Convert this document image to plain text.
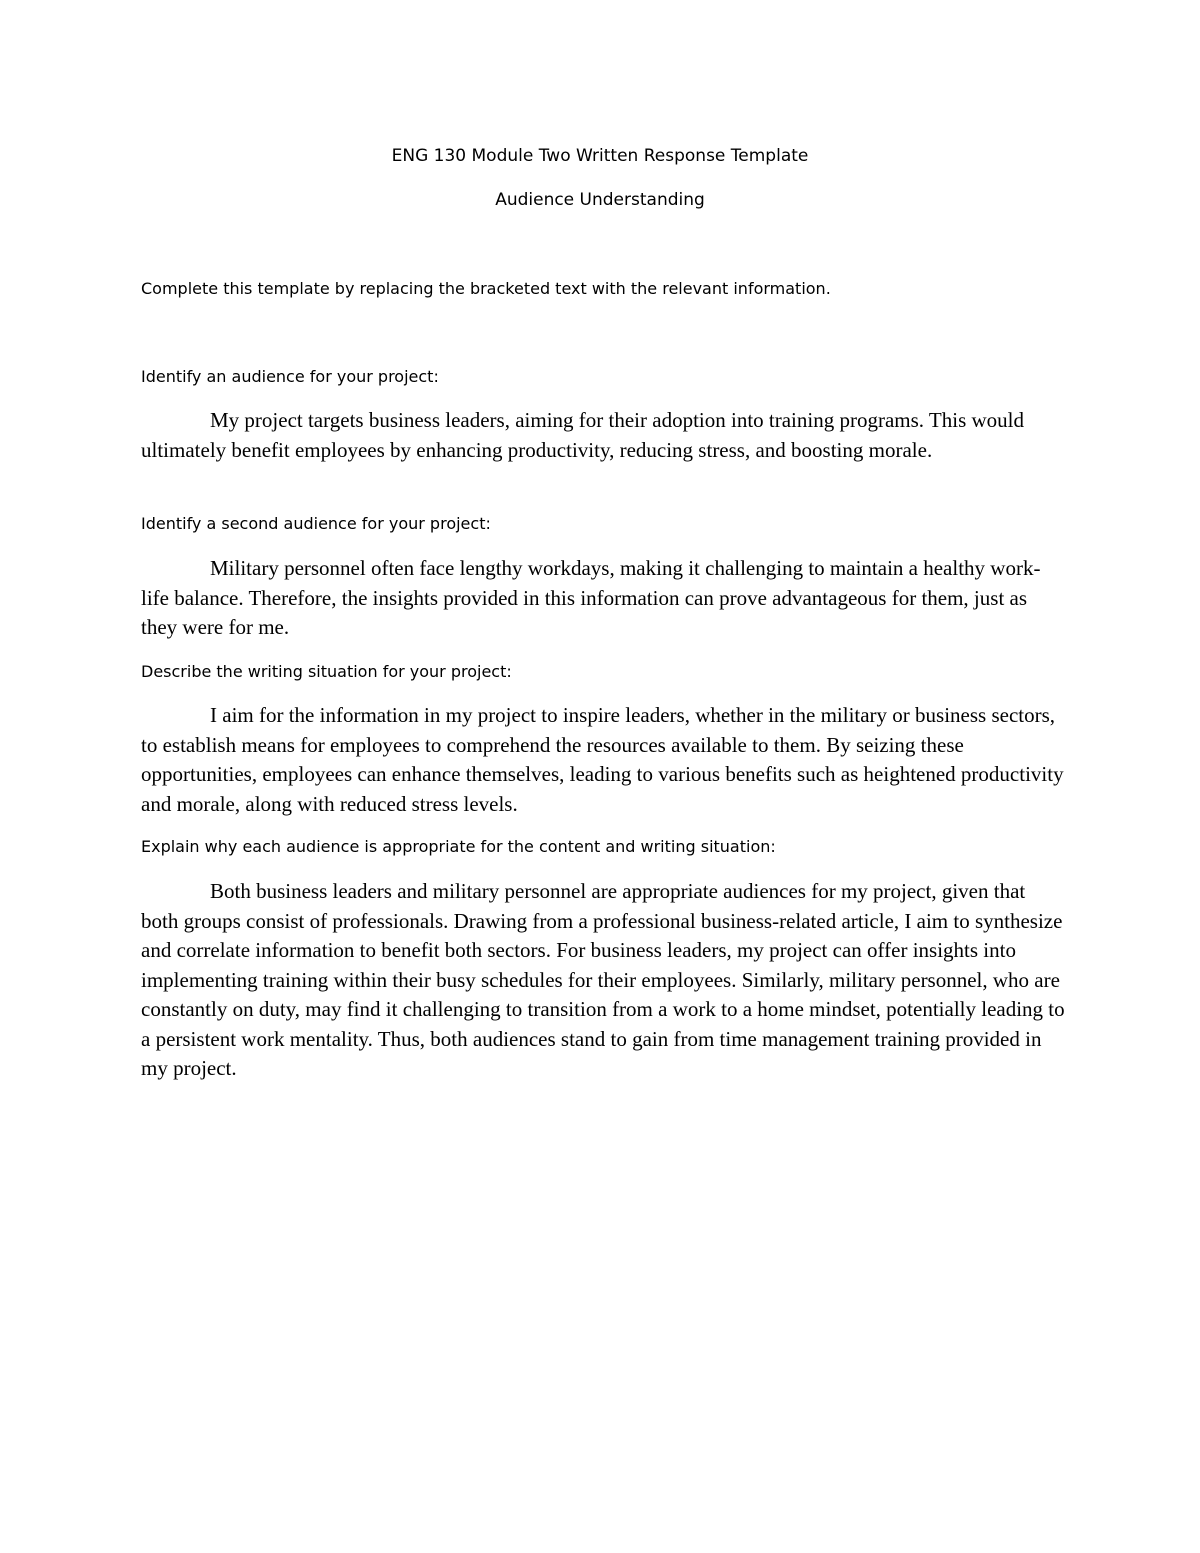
ENG 130 Module Two Written Response Template
Audience Understanding
Complete this template by replacing the bracketed text with the relevant information.
Identify an audience for your project:

My project targets business leaders, aiming for their adoption into training programs. This would ultimately benefit employees by enhancing productivity, reducing stress, and boosting morale.

Identify a second audience for your project:

Military personnel often face lengthy workdays, making it challenging to maintain a healthy work-life balance. Therefore, the insights provided in this information can prove advantageous for them, just as they were for me.

Describe the writing situation for your project:

I aim for the information in my project to inspire leaders, whether in the military or business sectors, to establish means for employees to comprehend the resources available to them. By seizing these opportunities, employees can enhance themselves, leading to various benefits such as heightened productivity and morale, along with reduced stress levels.

Explain why each audience is appropriate for the content and writing situation:

Both business leaders and military personnel are appropriate audiences for my project, given that both groups consist of professionals. Drawing from a professional business-related article, I aim to synthesize and correlate information to benefit both sectors. For business leaders, my project can offer insights into implementing training within their busy schedules for their employees. Similarly, military personnel, who are constantly on duty, may find it challenging to transition from a work to a home mindset, potentially leading to a persistent work mentality. Thus, both audiences stand to gain from time management training provided in my project.
